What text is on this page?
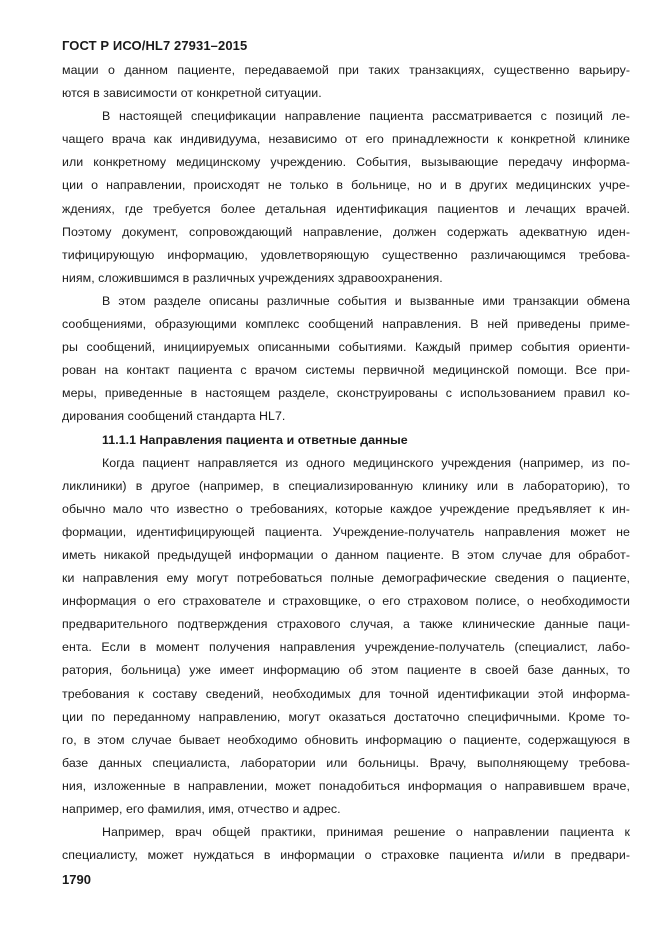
ГОСТ Р ИСО/HL7 27931–2015
мации о данном пациенте, передаваемой при таких транзакциях, существенно варьиру-
ются в зависимости от конкретной ситуации.
В настоящей спецификации направление пациента рассматривается с позиций ле-
чащего врача как индивидуума, независимо от его принадлежности к конкретной клинике
или конкретному медицинскому учреждению. События, вызывающие передачу информа-
ции о направлении, происходят не только в больнице, но и в других медицинских учре-
ждениях, где требуется более детальная идентификация пациентов и лечащих врачей.
Поэтому документ, сопровождающий направление, должен содержать адекватную иден-
тифицирующую информацию, удовлетворяющую существенно различающимся требова-
ниям, сложившимся в различных учреждениях здравоохранения.
В этом разделе описаны различные события и вызванные ими транзакции обмена
сообщениями, образующими комплекс сообщений направления. В ней приведены приме-
ры сообщений, инициируемых описанными событиями. Каждый пример события ориенти-
рован на контакт пациента с врачом системы первичной медицинской помощи. Все при-
меры, приведенные в настоящем разделе, сконструированы с использованием правил ко-
дирования сообщений стандарта HL7.
11.1.1 Направления пациента и ответные данные
Когда пациент направляется из одного медицинского учреждения (например, из по-
ликлиники) в другое (например, в специализированную клинику или в лабораторию), то
обычно мало что известно о требованиях, которые каждое учреждение предъявляет к ин-
формации, идентифицирующей пациента. Учреждение-получатель направления может не
иметь никакой предыдущей информации о данном пациенте. В этом случае для обработ-
ки направления ему могут потребоваться полные демографические сведения о пациенте,
информация о его страхователе и страховщике, о его страховом полисе, о необходимости
предварительного подтверждения страхового случая, а также клинические данные паци-
ента. Если в момент получения направления учреждение-получатель (специалист, лабо-
ратория, больница) уже имеет информацию об этом пациенте в своей базе данных, то
требования к составу сведений, необходимых для точной идентификации этой информа-
ции по переданному направлению, могут оказаться достаточно специфичными. Кроме то-
го, в этом случае бывает необходимо обновить информацию о пациенте, содержащуюся в
базе данных специалиста, лаборатории или больницы. Врачу, выполняющему требова-
ния, изложенные в направлении, может понадобиться информация о направившем враче,
например, его фамилия, имя, отчество и адрес.
Например, врач общей практики, принимая решение о направлении пациента к
специалисту, может нуждаться в информации о страховке пациента и/или в предвари-
1790
